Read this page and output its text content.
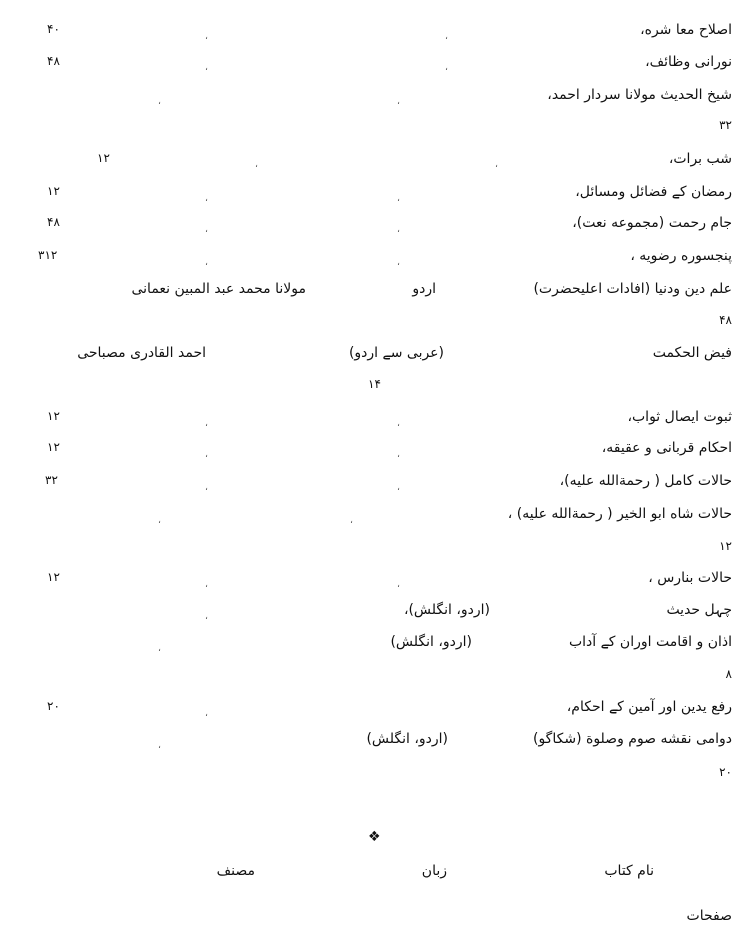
اصلاح معا شره،
،
،
۴۰
نورانی وظائف،
،
،
۴۸
شیخ الحدیث مولانا سردار احمد،
،
،
۳۲
شب برات،
،
،
۱۲
رمضان کے فضائل ومسائل،
،
،
۱۲
جام رحمت (مجموعه نعت)،
،
،
۴۸
پنجسوره رضویه ،
،
،
۳۱۲
علم دین ودنیا (افادات اعلیحضرت)
اردو
مولانا محمد عبد المبین نعمانی
۴۸
فیض الحکمت
(عربی سے اردو)
احمد القادری مصباحی
۱۴
ثبوت ایصال ثواب،
،
،
۱۲
احکام قربانی و عقیقه،
،
،
۱۲
حالات کامل ( رحمةالله علیه)،
،
،
۳۲
حالات شاه ابو الخیر ( رحمةالله علیه) ،
،
،
۱۲
حالات بنارس ،
،
،
۱۲
چہل حدیث
(اردو، انگلش)،
،
اذان و اقامت اوران کے آداب
(اردو، انگلش)
،
۸
رفع یدین اور آمین کے احکام،
،
۲۰
دوامی نقشه صوم وصلوة (شکاگو)
(اردو، انگلش)
،
۲۰
❖
نام کتاب
زبان
مصنف
صفحات
